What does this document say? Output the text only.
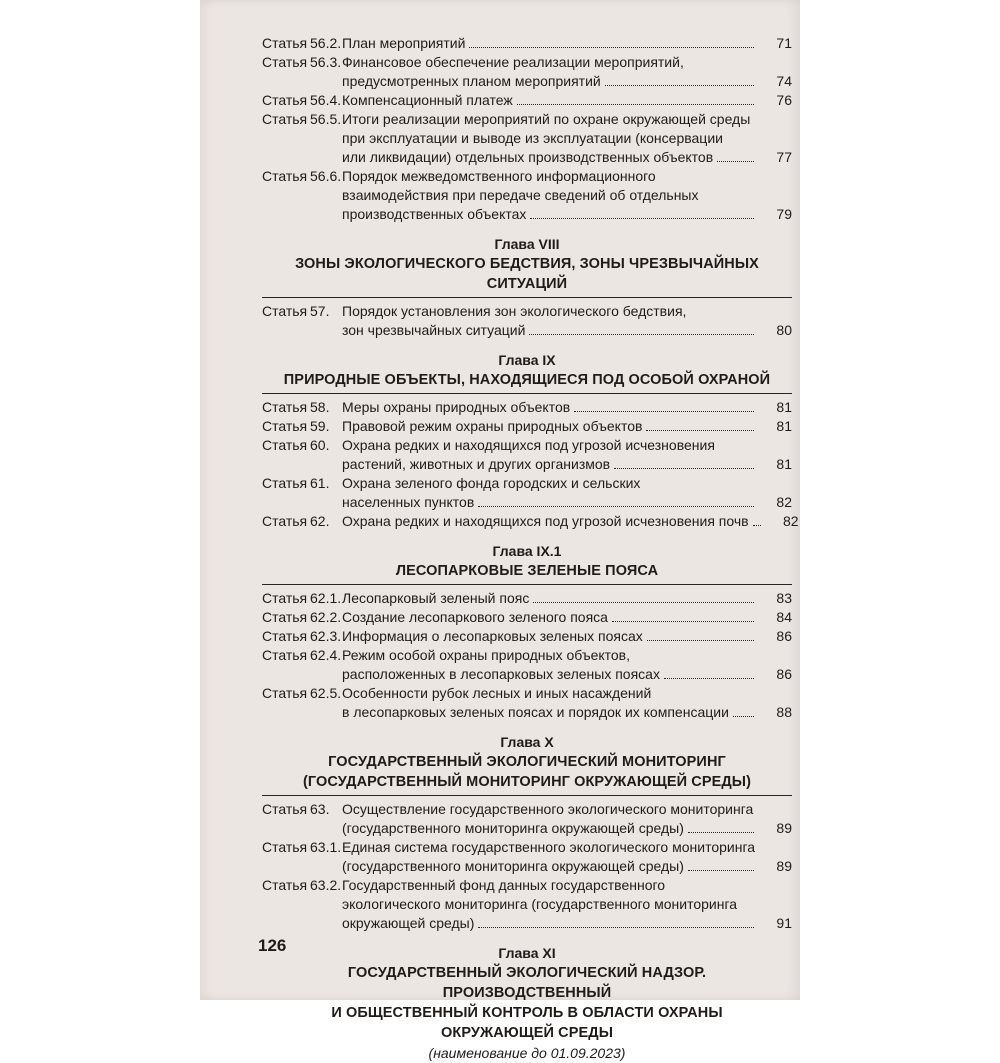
Статья 56.2. План мероприятий	71
Статья 56.3. Финансовое обеспечение реализации мероприятий,
предусмотренных планом мероприятий	74
Статья 56.4. Компенсационный платеж	76
Статья 56.5. Итоги реализации мероприятий по охране окружающей среды
при эксплуатации и выводе из эксплуатации (консервации
или ликвидации) отдельных производственных объектов	77
Статья 56.6. Порядок межведомственного информационного
взаимодействия при передаче сведений об отдельных
производственных объектах	79
Глава VIII
ЗОНЫ ЭКОЛОГИЧЕСКОГО БЕДСТВИЯ, ЗОНЫ ЧРЕЗВЫЧАЙНЫХ СИТУАЦИЙ
Статья 57. Порядок установления зон экологического бедствия,
зон чрезвычайных ситуаций	80
Глава IX
ПРИРОДНЫЕ ОБЪЕКТЫ, НАХОДЯЩИЕСЯ ПОД ОСОБОЙ ОХРАНОЙ
Статья 58. Меры охраны природных объектов	81
Статья 59. Правовой режим охраны природных объектов	81
Статья 60. Охрана редких и находящихся под угрозой исчезновения
растений, животных и других организмов	81
Статья 61. Охрана зеленого фонда городских и сельских
населенных пунктов	82
Статья 62. Охрана редких и находящихся под угрозой исчезновения почв	82
Глава IX.1
ЛЕСОПАРКОВЫЕ ЗЕЛЕНЫЕ ПОЯСА
Статья 62.1. Лесопарковый зеленый пояс	83
Статья 62.2. Создание лесопаркового зеленого пояса	84
Статья 62.3. Информация о лесопарковых зеленых поясах	86
Статья 62.4. Режим особой охраны природных объектов,
расположенных в лесопарковых зеленых поясах	86
Статья 62.5. Особенности рубок лесных и иных насаждений
в лесопарковых зеленых поясах и порядок их компенсации	88
Глава X
ГОСУДАРСТВЕННЫЙ ЭКОЛОГИЧЕСКИЙ МОНИТОРИНГ
(ГОСУДАРСТВЕННЫЙ МОНИТОРИНГ ОКРУЖАЮЩЕЙ СРЕДЫ)
Статья 63. Осуществление государственного экологического мониторинга
(государственного мониторинга окружающей среды)	89
Статья 63.1. Единая система государственного экологического мониторинга
(государственного мониторинга окружающей среды)	89
Статья 63.2. Государственный фонд данных государственного
экологического мониторинга (государственного мониторинга
окружающей среды)	91
Глава XI
ГОСУДАРСТВЕННЫЙ ЭКОЛОГИЧЕСКИЙ НАДЗОР. ПРОИЗВОДСТВЕННЫЙ
И ОБЩЕСТВЕННЫЙ КОНТРОЛЬ В ОБЛАСТИ ОХРАНЫ
ОКРУЖАЮЩЕЙ СРЕДЫ
(наименование до 01.09.2023)
126
